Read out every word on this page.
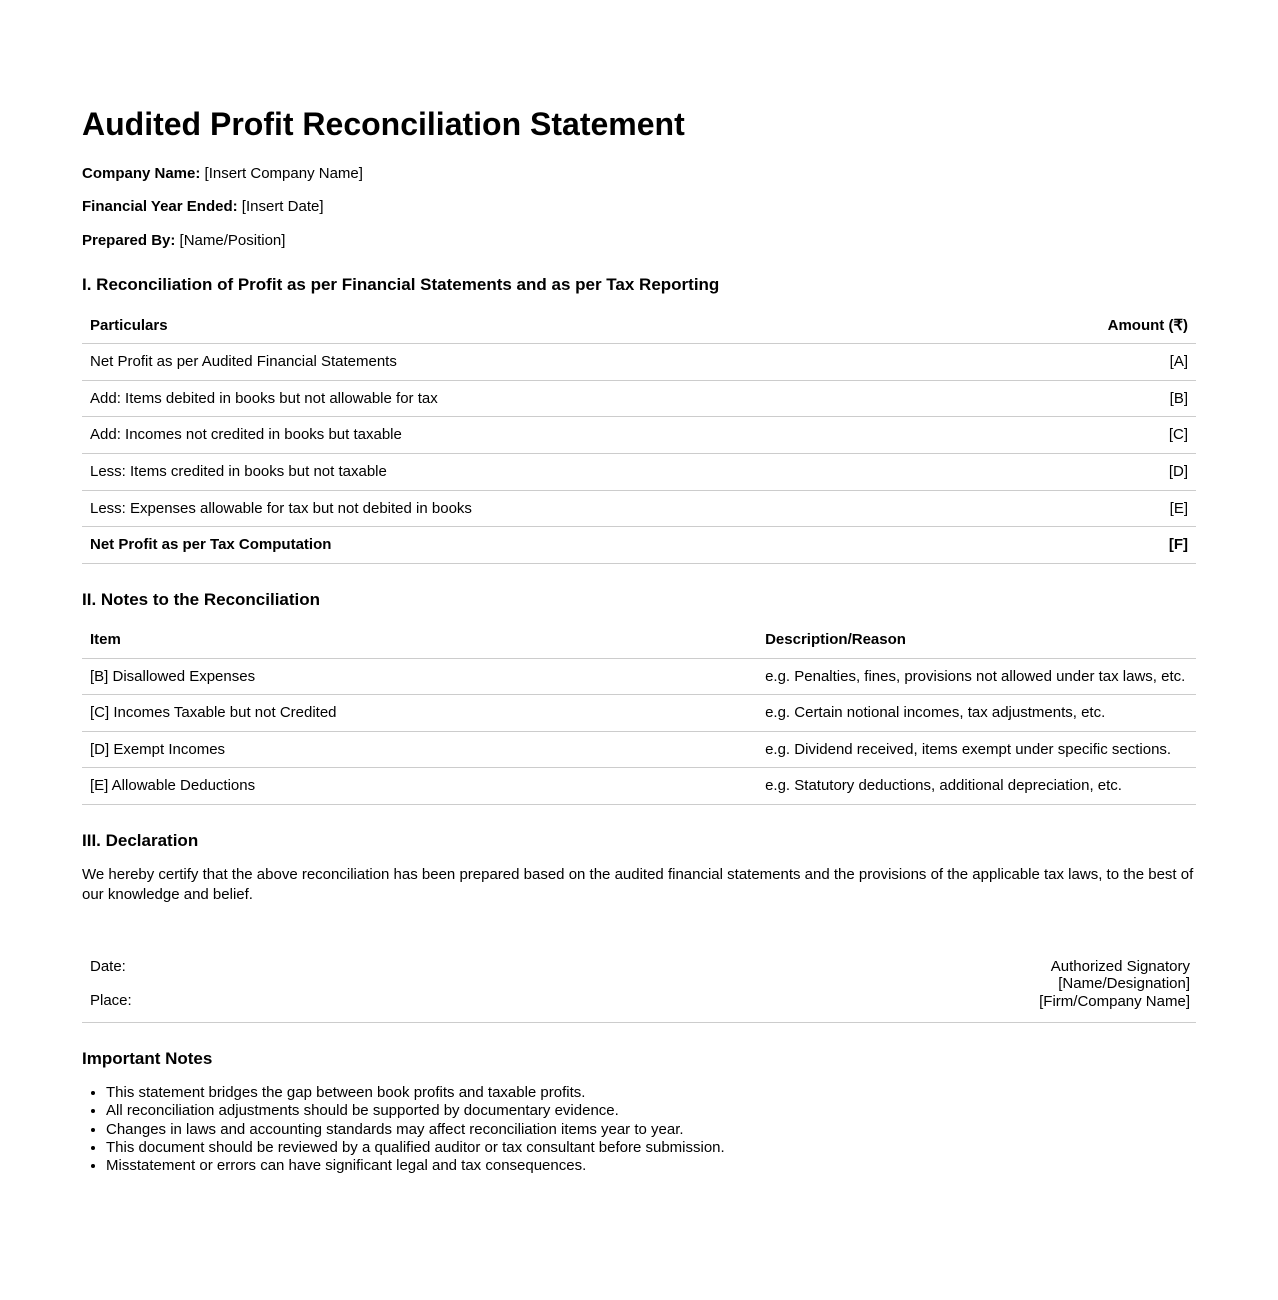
Audited Profit Reconciliation Statement

Company Name: [Insert Company Name]

Financial Year Ended: [Insert Date]

Prepared By: [Name/Position]

I. Reconciliation of Profit as per Financial Statements and as per Tax Reporting
Particulars	Amount (₹)
Net Profit as per Audited Financial Statements	[A]
Add: Items debited in books but not allowable for tax	[B]
Add: Incomes not credited in books but taxable	[C]
Less: Items credited in books but not taxable	[D]
Less: Expenses allowable for tax but not debited in books	[E]
Net Profit as per Tax Computation	[F]
II. Notes to the Reconciliation
Item	Description/Reason
[B] Disallowed Expenses	e.g. Penalties, fines, provisions not allowed under tax laws, etc.
[C] Incomes Taxable but not Credited	e.g. Certain notional incomes, tax adjustments, etc.
[D] Exempt Incomes	e.g. Dividend received, items exempt under specific sections.
[E] Allowable Deductions	e.g. Statutory deductions, additional depreciation, etc.
III. Declaration

We hereby certify that the above reconciliation has been prepared based on the audited financial statements and the provisions of the applicable tax laws, to the best of our knowledge and belief.

Date:
Place:
Authorized Signatory
[Name/Designation]
[Firm/Company Name]
Important Notes
• This statement bridges the gap between book profits and taxable profits.
• All reconciliation adjustments should be supported by documentary evidence.
• Changes in laws and accounting standards may affect reconciliation items year to year.
• This document should be reviewed by a qualified auditor or tax consultant before submission.
• Misstatement or errors can have significant legal and tax consequences.
